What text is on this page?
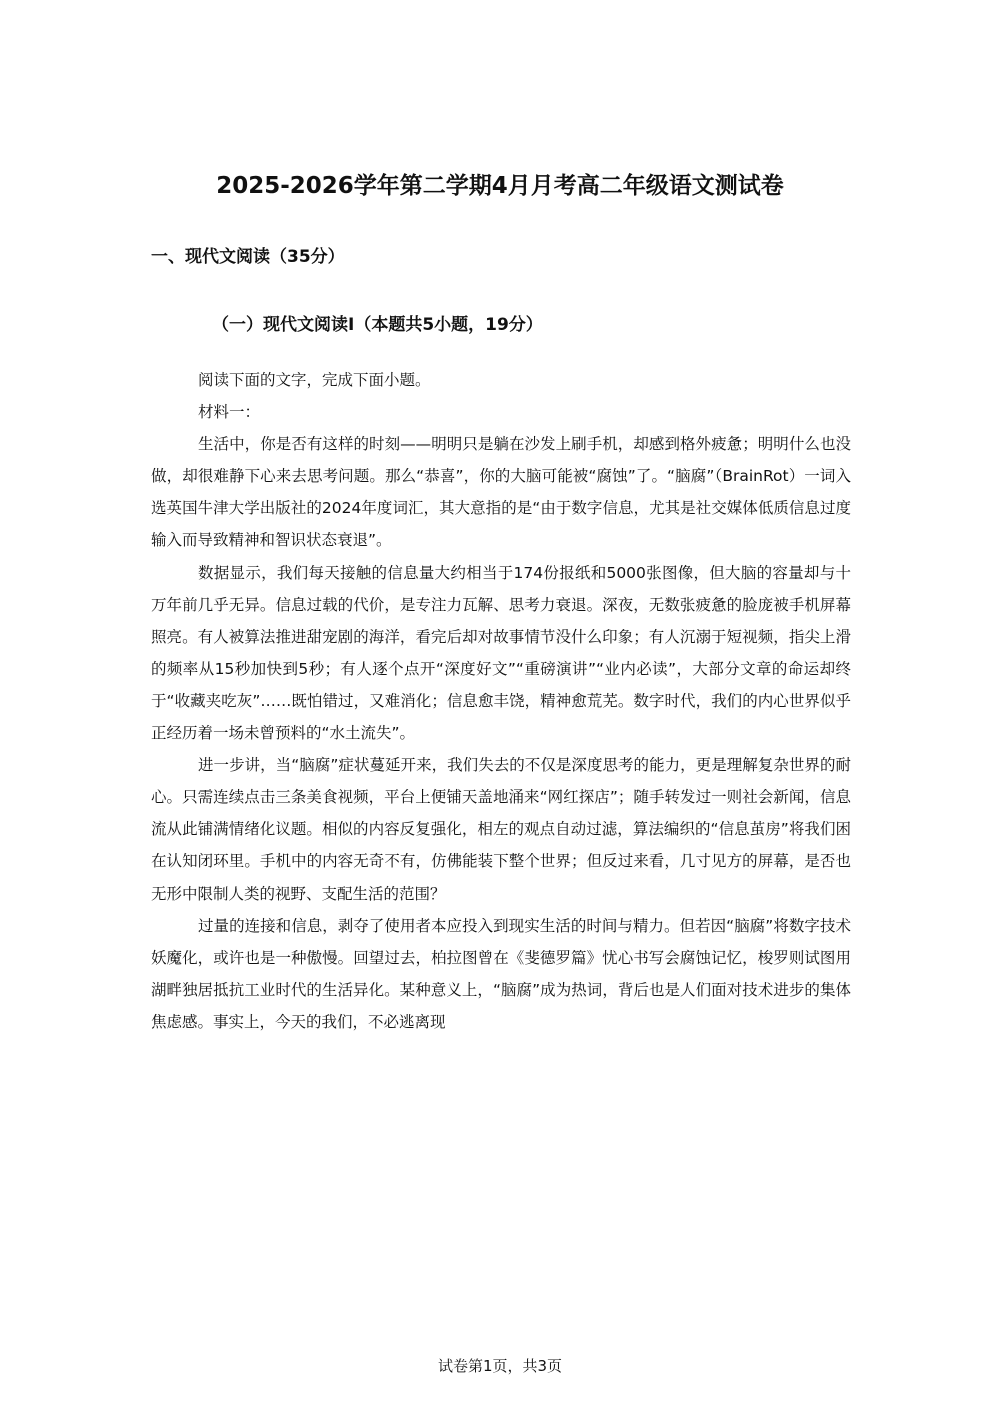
2025-2026学年第二学期4月月考高二年级语文测试卷
一、现代文阅读（35分）
（一）现代文阅读Ⅰ（本题共5小题，19分）

阅读下面的文字，完成下面小题。

材料一：

生活中，你是否有这样的时刻——明明只是躺在沙发上刷手机，却感到格外疲惫；明明什么也没做，却很难静下心来去思考问题。那么“恭喜”，你的大脑可能被“腐蚀”了。“脑腐”（BrainRot）一词入选英国牛津大学出版社的2024年度词汇，其大意指的是“由于数字信息，尤其是社交媒体低质信息过度输入而导致精神和智识状态衰退”。

数据显示，我们每天接触的信息量大约相当于174份报纸和5000张图像，但大脑的容量却与十万年前几乎无异。信息过载的代价，是专注力瓦解、思考力衰退。深夜，无数张疲惫的脸庞被手机屏幕照亮。有人被算法推进甜宠剧的海洋，看完后却对故事情节没什么印象；有人沉溺于短视频，指尖上滑的频率从15秒加快到5秒；有人逐个点开“深度好文”“重磅演讲”“业内必读”，大部分文章的命运却终于“收藏夹吃灰”……既怕错过，又难消化；信息愈丰饶，精神愈荒芜。数字时代，我们的内心世界似乎正经历着一场未曾预料的“水土流失”。

进一步讲，当“脑腐”症状蔓延开来，我们失去的不仅是深度思考的能力，更是理解复杂世界的耐心。只需连续点击三条美食视频，平台上便铺天盖地涌来“网红探店”；随手转发过一则社会新闻，信息流从此铺满情绪化议题。相似的内容反复强化，相左的观点自动过滤，算法编织的“信息茧房”将我们困在认知闭环里。手机中的内容无奇不有，仿佛能装下整个世界；但反过来看，几寸见方的屏幕，是否也无形中限制人类的视野、支配生活的范围？

过量的连接和信息，剥夺了使用者本应投入到现实生活的时间与精力。但若因“脑腐”将数字技术妖魔化，或许也是一种傲慢。回望过去，柏拉图曾在《斐德罗篇》忧心书写会腐蚀记忆，梭罗则试图用湖畔独居抵抗工业时代的生活异化。某种意义上，“脑腐”成为热词，背后也是人们面对技术进步的集体焦虑感。事实上，今天的我们，不必逃离现

试卷第1页，共3页
